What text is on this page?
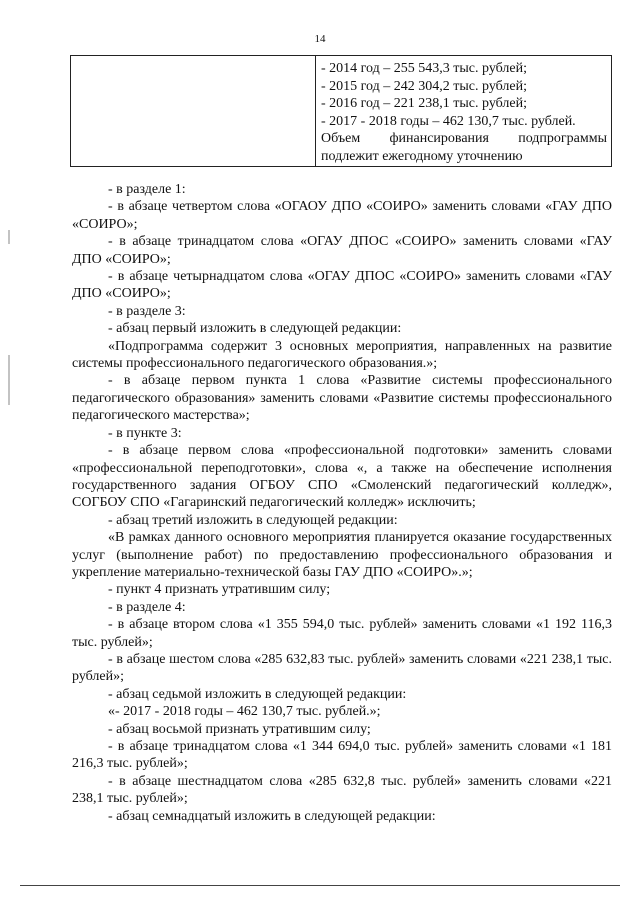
14

- 2014 год – 255 543,3 тыс. рублей;
- 2015 год – 242 304,2 тыс. рублей;
- 2016 год – 221 238,1 тыс. рублей;
- 2017 - 2018 годы – 462 130,7 тыс. рублей.
Объем финансирования подпрограммы
подлежит ежегодному уточнению

- в разделе 1:

- в абзаце четвертом слова «ОГАОУ ДПО «СОИРО» заменить словами «ГАУ ДПО «СОИРО»;

- в абзаце тринадцатом слова «ОГАУ ДПОС «СОИРО» заменить словами «ГАУ ДПО «СОИРО»;

- в абзаце четырнадцатом слова «ОГАУ ДПОС «СОИРО» заменить словами «ГАУ ДПО «СОИРО»;

- в разделе 3:

- абзац первый изложить в следующей редакции:

«Подпрограмма содержит 3 основных мероприятия, направленных на развитие системы профессионального педагогического образования.»;

- в абзаце первом пункта 1 слова «Развитие системы профессионального педагогического образования» заменить словами «Развитие системы профессионального педагогического мастерства»;

- в пункте 3:

- в абзаце первом слова «профессиональной подготовки» заменить словами «профессиональной переподготовки», слова «, а также на обеспечение исполнения государственного задания ОГБОУ СПО «Смоленский педагогический колледж», СОГБОУ СПО «Гагаринский педагогический колледж» исключить;

- абзац третий изложить в следующей редакции:

«В рамках данного основного мероприятия планируется оказание государственных услуг (выполнение работ) по предоставлению профессионального образования и укрепление материально-технической базы ГАУ ДПО «СОИРО».»;

- пункт 4 признать утратившим силу;

- в разделе 4:

- в абзаце втором слова «1 355 594,0 тыс. рублей» заменить словами «1 192 116,3 тыс. рублей»;

- в абзаце шестом слова «285 632,83 тыс. рублей» заменить словами «221 238,1 тыс. рублей»;

- абзац седьмой изложить в следующей редакции:

«- 2017 - 2018 годы – 462 130,7 тыс. рублей.»;

- абзац восьмой признать утратившим силу;

- в абзаце тринадцатом слова «1 344 694,0 тыс. рублей» заменить словами «1 181 216,3 тыс. рублей»;

- в абзаце шестнадцатом слова «285 632,8 тыс. рублей» заменить словами «221 238,1 тыс. рублей»;

- абзац семнадцатый изложить в следующей редакции:
